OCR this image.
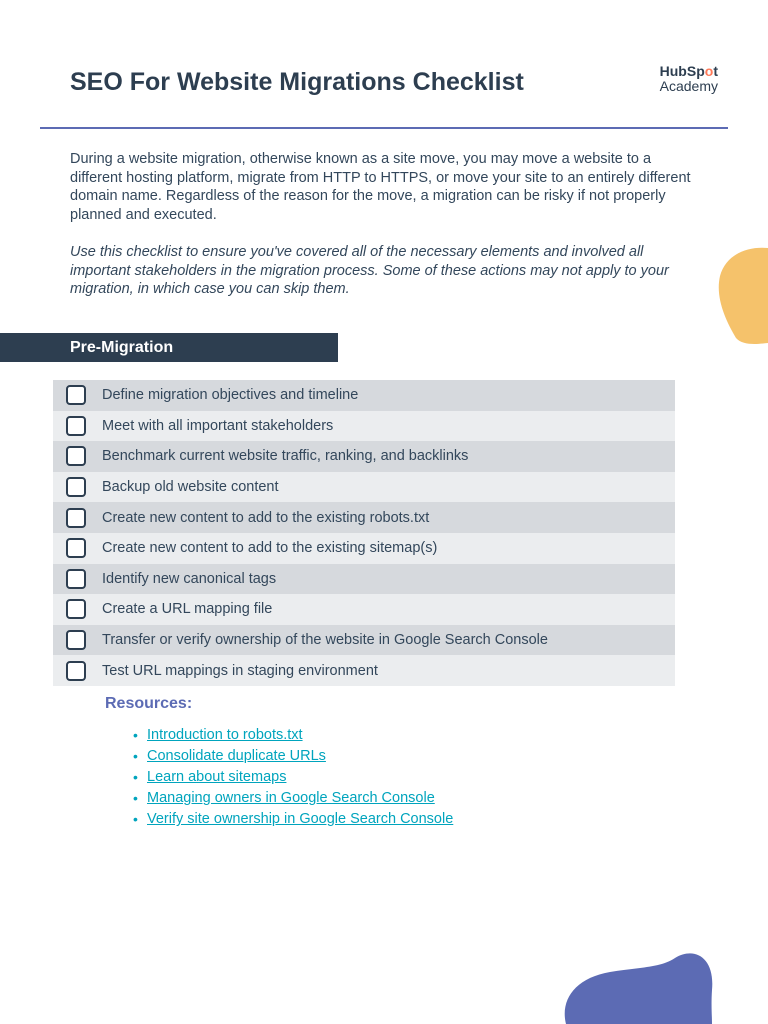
SEO For Website Migrations Checklist	HubSpot
Academy

During a website migration, otherwise known as a site move, you may move a website to a different hosting platform, migrate from HTTP to HTTPS, or move your site to an entirely different domain name. Regardless of the reason for the move, a migration can be risky if not properly planned and executed.

Use this checklist to ensure you've covered all of the necessary elements and involved all important stakeholders in the migration process. Some of these actions may not apply to your migration, in which case you can skip them.

Pre-Migration
Define migration objectives and timeline
Meet with all important stakeholders
Benchmark current website traffic, ranking, and backlinks
Backup old website content
Create new content to add to the existing robots.txt
Create new content to add to the existing sitemap(s)
Identify new canonical tags
Create a URL mapping file
Transfer or verify ownership of the website in Google Search Console
Test URL mappings in staging environment
Resources:
• Introduction to robots.txt
• Consolidate duplicate URLs
• Learn about sitemaps
• Managing owners in Google Search Console
• Verify site ownership in Google Search Console
